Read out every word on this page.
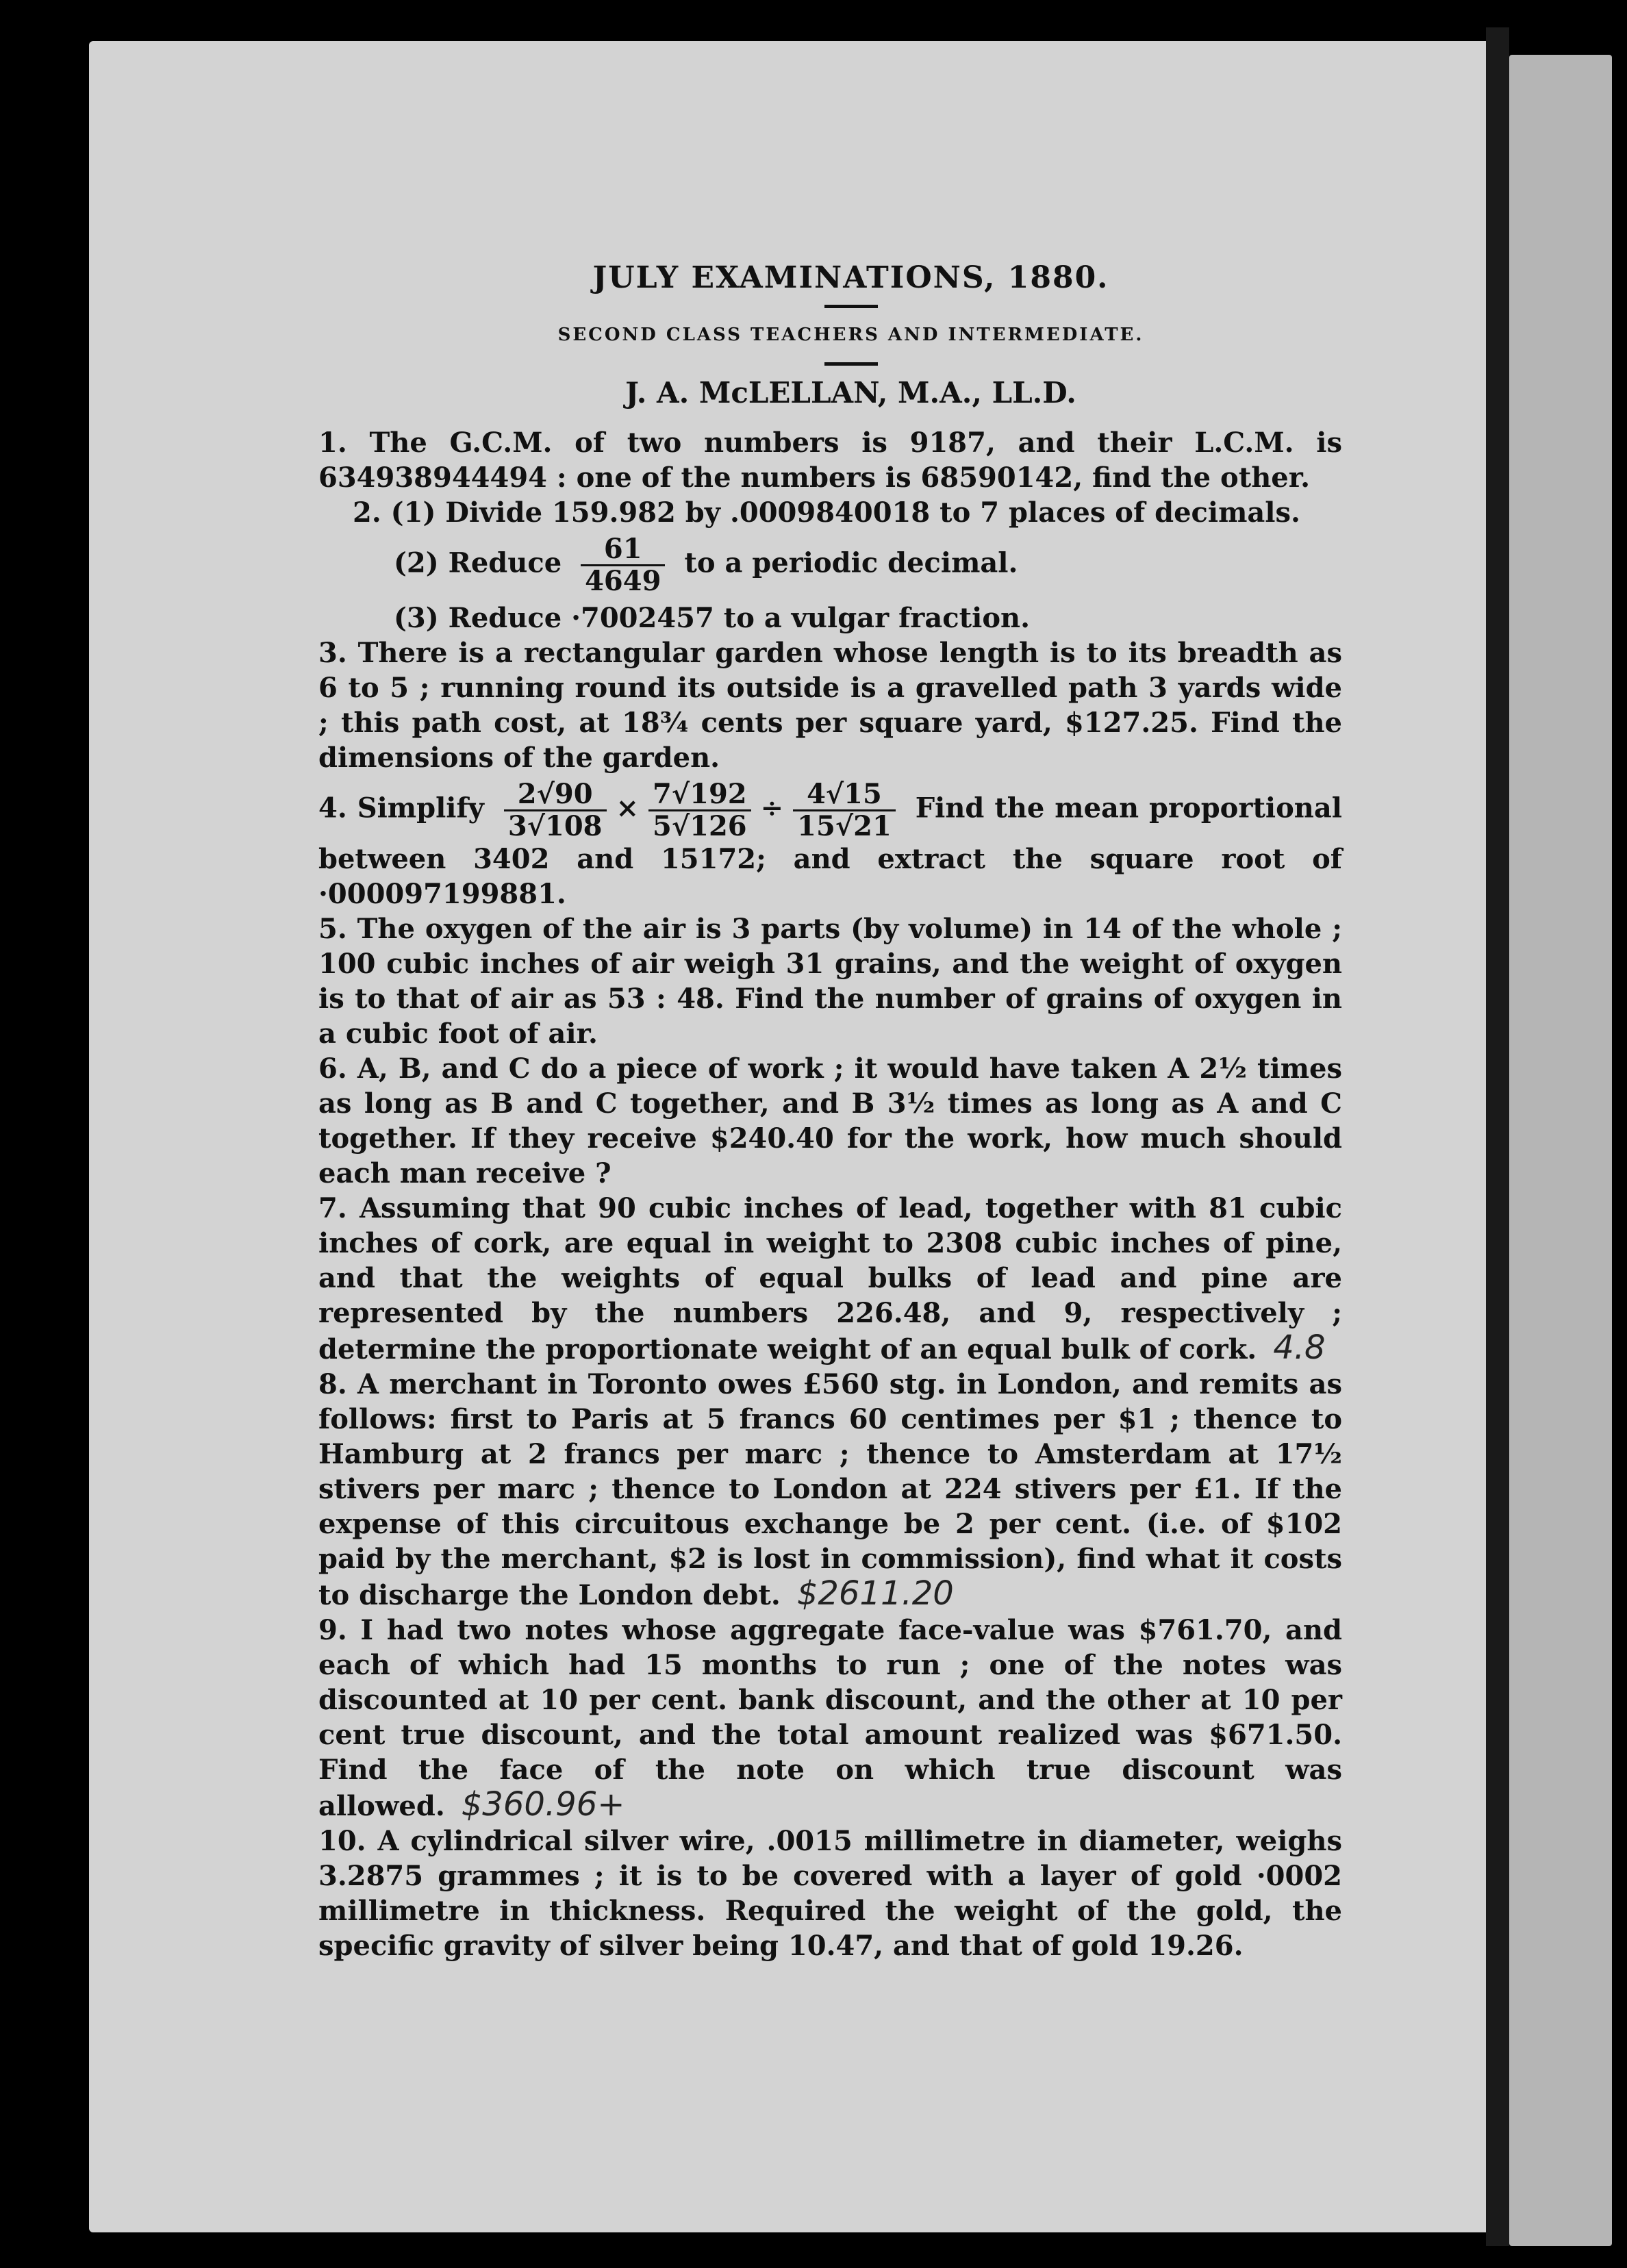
JULY EXAMINATIONS, 1880.
SECOND CLASS TEACHERS AND INTERMEDIATE.
J. A. McLELLAN, M.A., LL.D.

1. The G.C.M. of two numbers is 9187, and their L.C.M. is 634938944494 : one of the numbers is 68590142, find the other.

2. (1) Divide 159.982 by .0009840018 to 7 places of decimals.

(2) Reduce $\frac{61}{4649}$ to a periodic decimal.

(3) Reduce ·7002457 to a vulgar fraction.

3. There is a rectangular garden whose length is to its breadth as 6 to 5 ; running round its outside is a gravelled path 3 yards wide ; this path cost, at 18¾ cents per square yard, $127.25. Find the dimensions of the garden.

4. Simplify $\frac{2√90}{3√108} \times \frac{7√192}{5√126} \div \frac{4√15}{15√21}$ Find the mean proportional between 3402 and 15172; and extract the square root of ·000097199881.

5. The oxygen of the air is 3 parts (by volume) in 14 of the whole ; 100 cubic inches of air weigh 31 grains, and the weight of oxygen is to that of air as 53 : 48. Find the number of grains of oxygen in a cubic foot of air.

6. A, B, and C do a piece of work ; it would have taken A 2½ times as long as B and C together, and B 3½ times as long as A and C together. If they receive $240.40 for the work, how much should each man receive ?

7. Assuming that 90 cubic inches of lead, together with 81 cubic inches of cork, are equal in weight to 2308 cubic inches of pine, and that the weights of equal bulks of lead and pine are represented by the numbers 226.48, and 9, respectively ; determine the proportionate weight of an equal bulk of cork. 4.8

8. A merchant in Toronto owes £560 stg. in London, and remits as follows: first to Paris at 5 francs 60 centimes per $1 ; thence to Hamburg at 2 francs per marc ; thence to Amsterdam at 17½ stivers per marc ; thence to London at 224 stivers per £1. If the expense of this circuitous exchange be 2 per cent. (i.e. of $102 paid by the merchant, $2 is lost in commission), find what it costs to discharge the London debt. $2611.20

9. I had two notes whose aggregate face-value was $761.70, and each of which had 15 months to run ; one of the notes was discounted at 10 per cent. bank discount, and the other at 10 per cent true discount, and the total amount realized was $671.50. Find the face of the note on which true discount was allowed. $360.96+

10. A cylindrical silver wire, .0015 millimetre in diameter, weighs 3.2875 grammes ; it is to be covered with a layer of gold ·0002 millimetre in thickness. Required the weight of the gold, the specific gravity of silver being 10.47, and that of gold 19.26.
